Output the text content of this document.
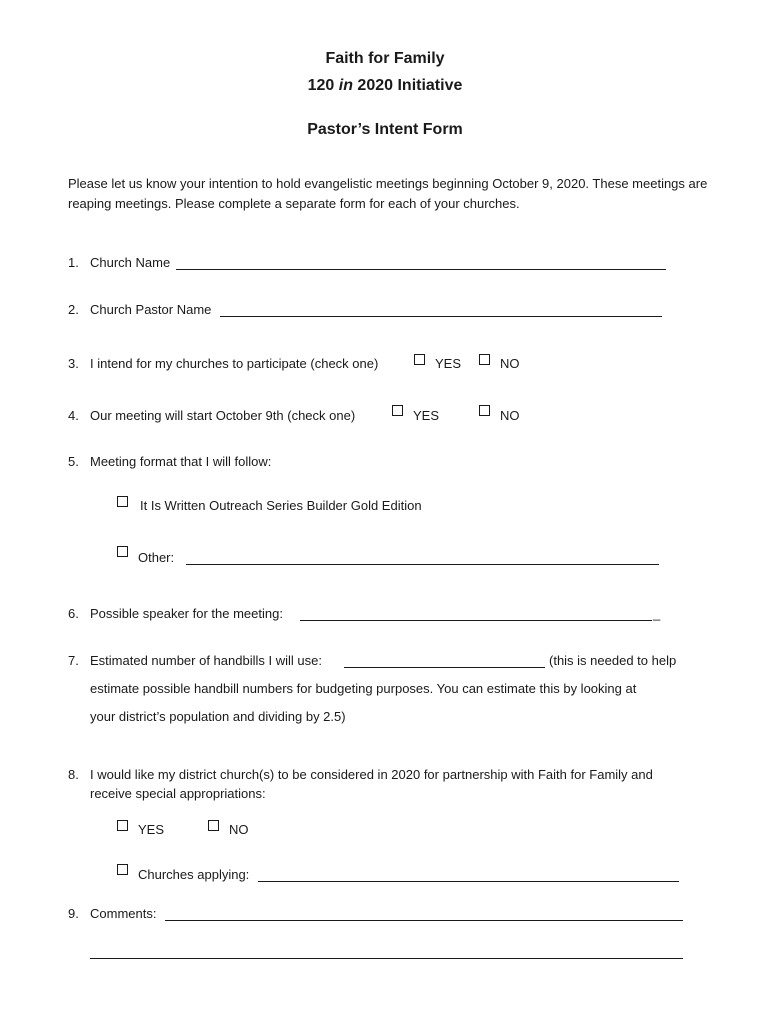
Faith for Family
120 in 2020 Initiative
Pastor’s Intent Form
Please let us know your intention to hold evangelistic meetings beginning October 9, 2020. These meetings are reaping meetings. Please complete a separate form for each of your churches.
1. Church Name
2. Church Pastor Name
3. I intend for my churches to participate (check one)	YES	NO
4. Our meeting will start October 9th (check one)	YES	NO
5. Meeting format that I will follow:
It Is Written Outreach Series Builder Gold Edition
Other:
6. Possible speaker for the meeting:	_
7. Estimated number of handbills I will use:	(this is needed to help
estimate possible handbill numbers for budgeting purposes. You can estimate this by looking at
your district’s population and dividing by 2.5)
8. I would like my district church(s) to be considered in 2020 for partnership with Faith for Family and
receive special appropriations:
YES	NO
Churches applying:
9. Comments:
